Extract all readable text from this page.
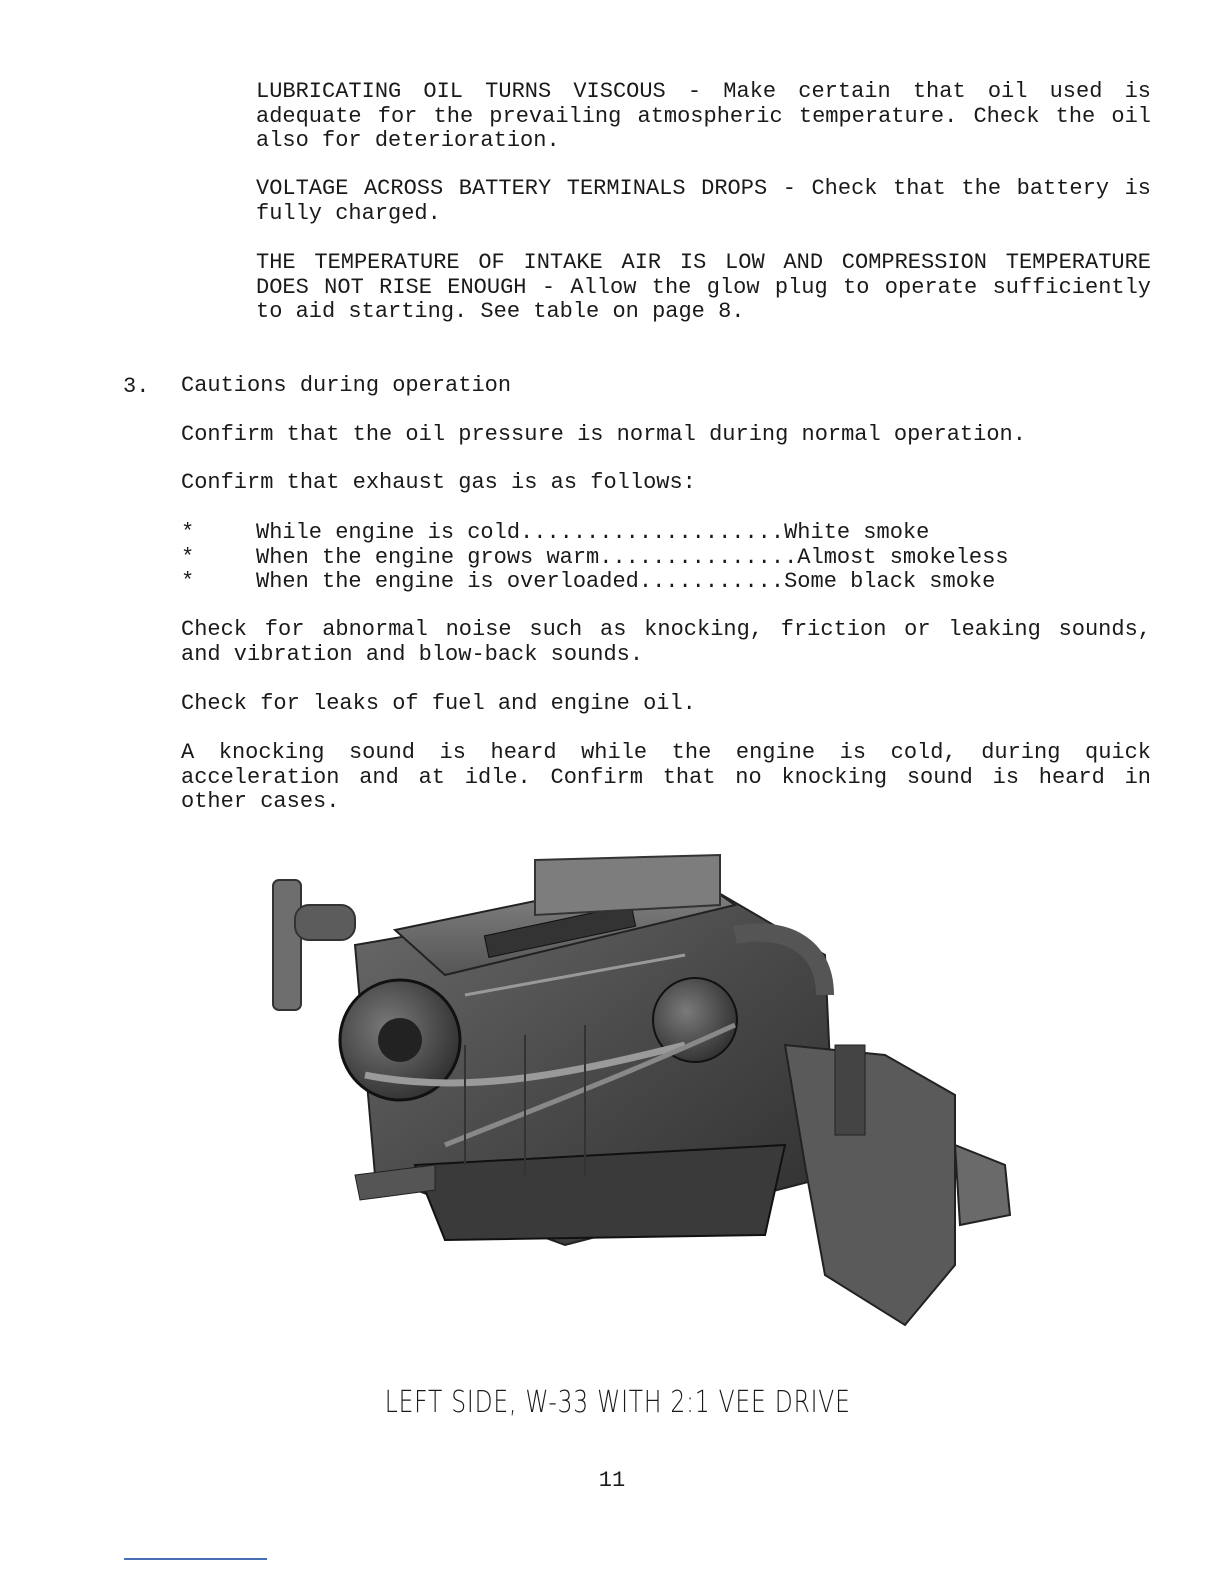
LUBRICATING OIL TURNS VISCOUS - Make certain that oil used is adequate for the prevailing atmospheric temperature. Check the oil also for deterioration.

VOLTAGE ACROSS BATTERY TERMINALS DROPS - Check that the battery is fully charged.

THE TEMPERATURE OF INTAKE AIR IS LOW AND COMPRESSION TEMPERATURE DOES NOT RISE ENOUGH - Allow the glow plug to operate sufficiently to aid starting. See table on page 8.

3. Cautions during operation

Confirm that the oil pressure is normal during normal operation.

Confirm that exhaust gas is as follows:

*	While engine is cold....................White smoke
*	When the engine grows warm...............Almost smokeless
*	When the engine is overloaded...........Some black smoke

Check for abnormal noise such as knocking, friction or leaking sounds, and vibration and blow-back sounds.

Check for leaks of fuel and engine oil.

A knocking sound is heard while the engine is cold, during quick acceleration and at idle. Confirm that no knocking sound is heard in other cases.

LEFT SIDE, W-33 WITH 2:1 VEE DRIVE
11
